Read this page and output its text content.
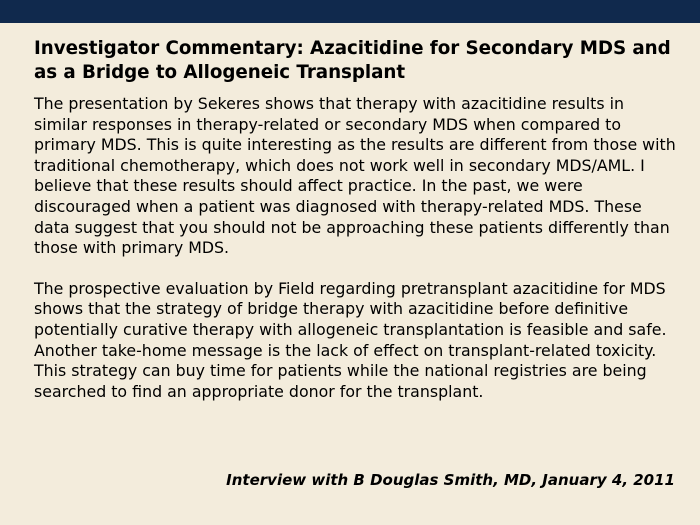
Investigator Commentary: Azacitidine for Secondary MDS and as a Bridge to Allogeneic Transplant

The presentation by Sekeres shows that therapy with azacitidine results in similar responses in therapy-related or secondary MDS when compared to primary MDS. This is quite interesting as the results are different from those with traditional chemotherapy, which does not work well in secondary MDS/AML. I believe that these results should affect practice. In the past, we were discouraged when a patient was diagnosed with therapy-related MDS. These data suggest that you should not be approaching these patients differently than those with primary MDS.

The prospective evaluation by Field regarding pretransplant azacitidine for MDS shows that the strategy of bridge therapy with azacitidine before definitive potentially curative therapy with allogeneic transplantation is feasible and safe. Another take-home message is the lack of effect on transplant-related toxicity. This strategy can buy time for patients while the national registries are being searched to find an appropriate donor for the transplant.

Interview with B Douglas Smith, MD, January 4, 2011
